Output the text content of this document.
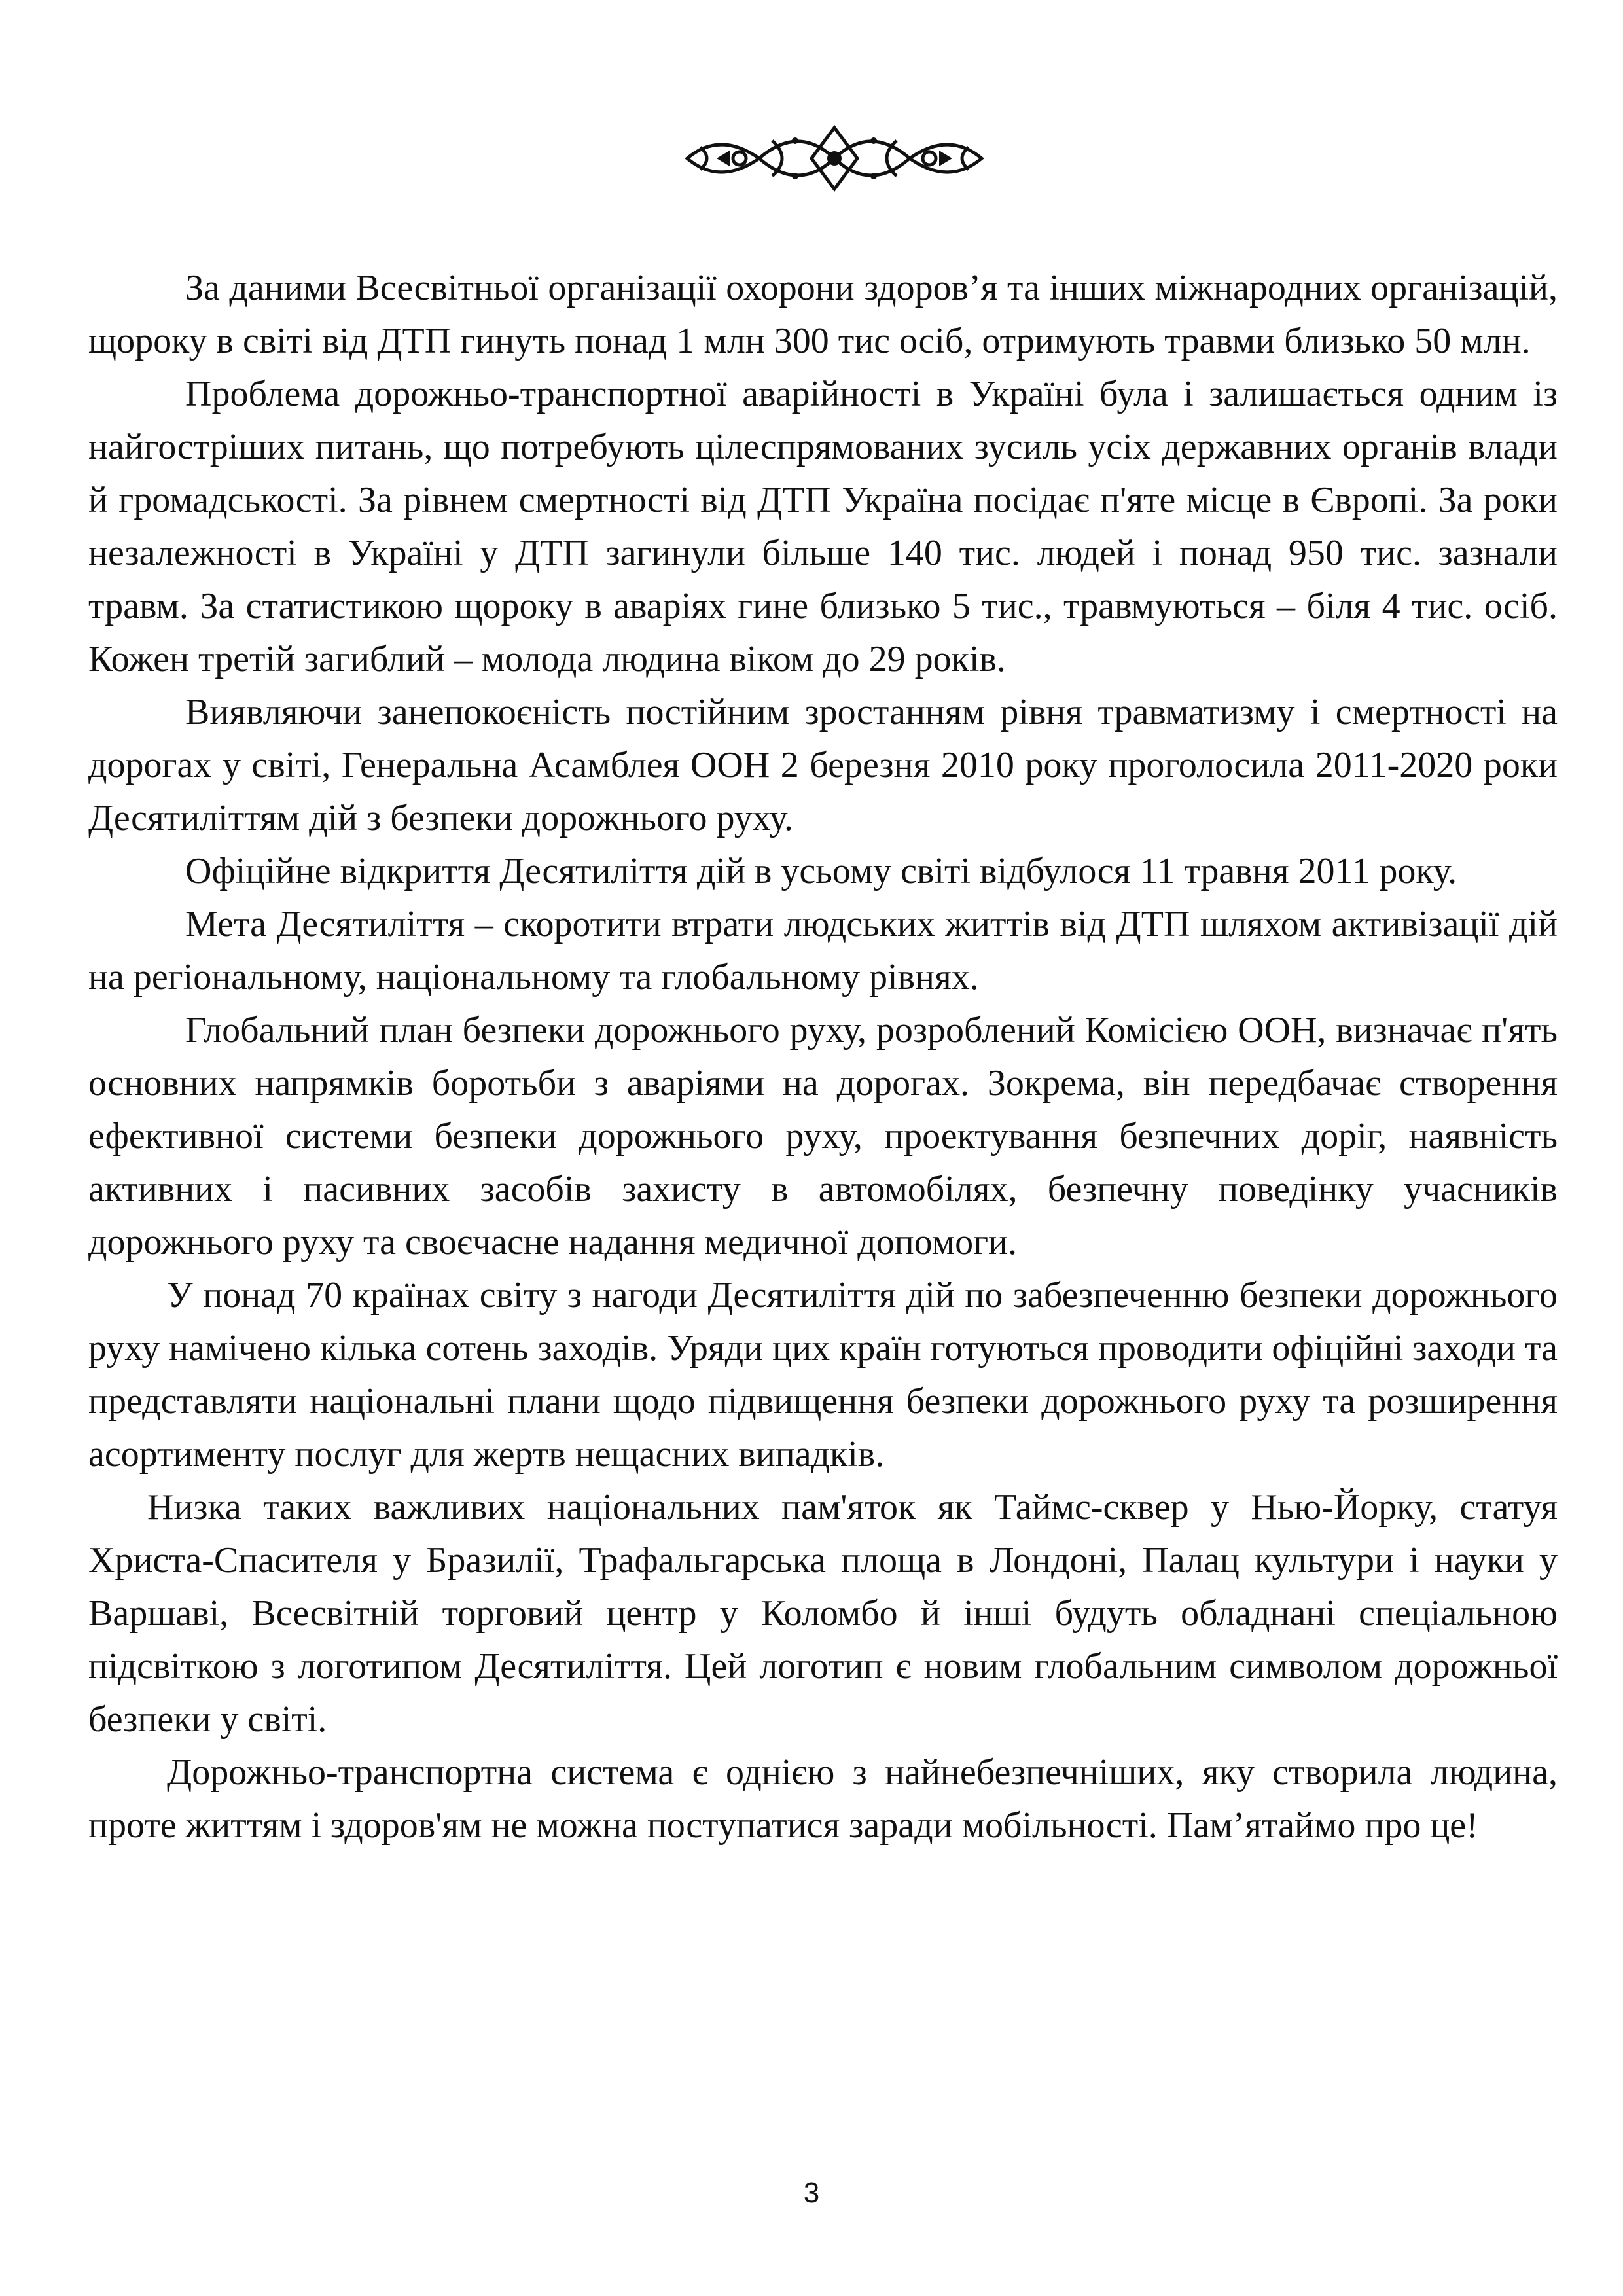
За даними Всесвітньої організації охорони здоров’я та інших міжнародних організацій, щороку в світі від ДТП гинуть понад 1 млн 300 тис осіб, отримують травми близько 50 млн.

Проблема дорожньо-транспортної аварійності в Україні була і залишається одним із найгостріших питань, що потребують цілеспрямованих зусиль усіх державних органів влади й громадськості. За рівнем смертності від ДТП Україна посідає п'яте місце в Європі. За роки незалежності в Україні у ДТП загинули більше 140 тис. людей і понад 950 тис. зазнали травм. За статистикою щороку в аваріях гине близько 5 тис., травмуються – біля 4 тис. осіб. Кожен третій загиблий – молода людина віком до 29 років.

Виявляючи занепокоєність постійним зростанням рівня травматизму і смертності на дорогах у світі, Генеральна Асамблея ООН 2 березня 2010 року проголосила 2011-2020 роки Десятиліттям дій з безпеки дорожнього руху.

Офіційне відкриття Десятиліття дій в усьому світі відбулося 11 травня 2011 року.

Мета Десятиліття – скоротити втрати людських життів від ДТП шляхом активізації дій на регіональному, національному та глобальному рівнях.

Глобальний план безпеки дорожнього руху, розроблений Комісією ООН, визначає п'ять основних напрямків боротьби з аваріями на дорогах. Зокрема, він передбачає створення ефективної системи безпеки дорожнього руху, проектування безпечних доріг, наявність активних і пасивних засобів захисту в автомобілях, безпечну поведінку учасників дорожнього руху та своєчасне надання медичної допомоги.

У понад 70 країнах світу з нагоди Десятиліття дій по забезпеченню безпеки дорожнього руху намічено кілька сотень заходів. Уряди цих країн готуються проводити офіційні заходи та представляти національні плани щодо підвищення безпеки дорожнього руху та розширення асортименту послуг для жертв нещасних випадків.

Низка таких важливих національних пам'яток як Таймс-сквер у Нью-Йорку, статуя Христа-Спасителя у Бразилії, Трафальгарська площа в Лондоні, Палац культури і науки у Варшаві, Всесвітній торговий центр у Коломбо й інші будуть обладнані спеціальною підсвіткою з логотипом Десятиліття. Цей логотип є новим глобальним символом дорожньої безпеки у світі.

Дорожньо-транспортна система є однією з найнебезпечніших, яку створила людина, проте життям і здоров'ям не можна поступатися заради мобільності. Пам’ятаймо про це!

3
